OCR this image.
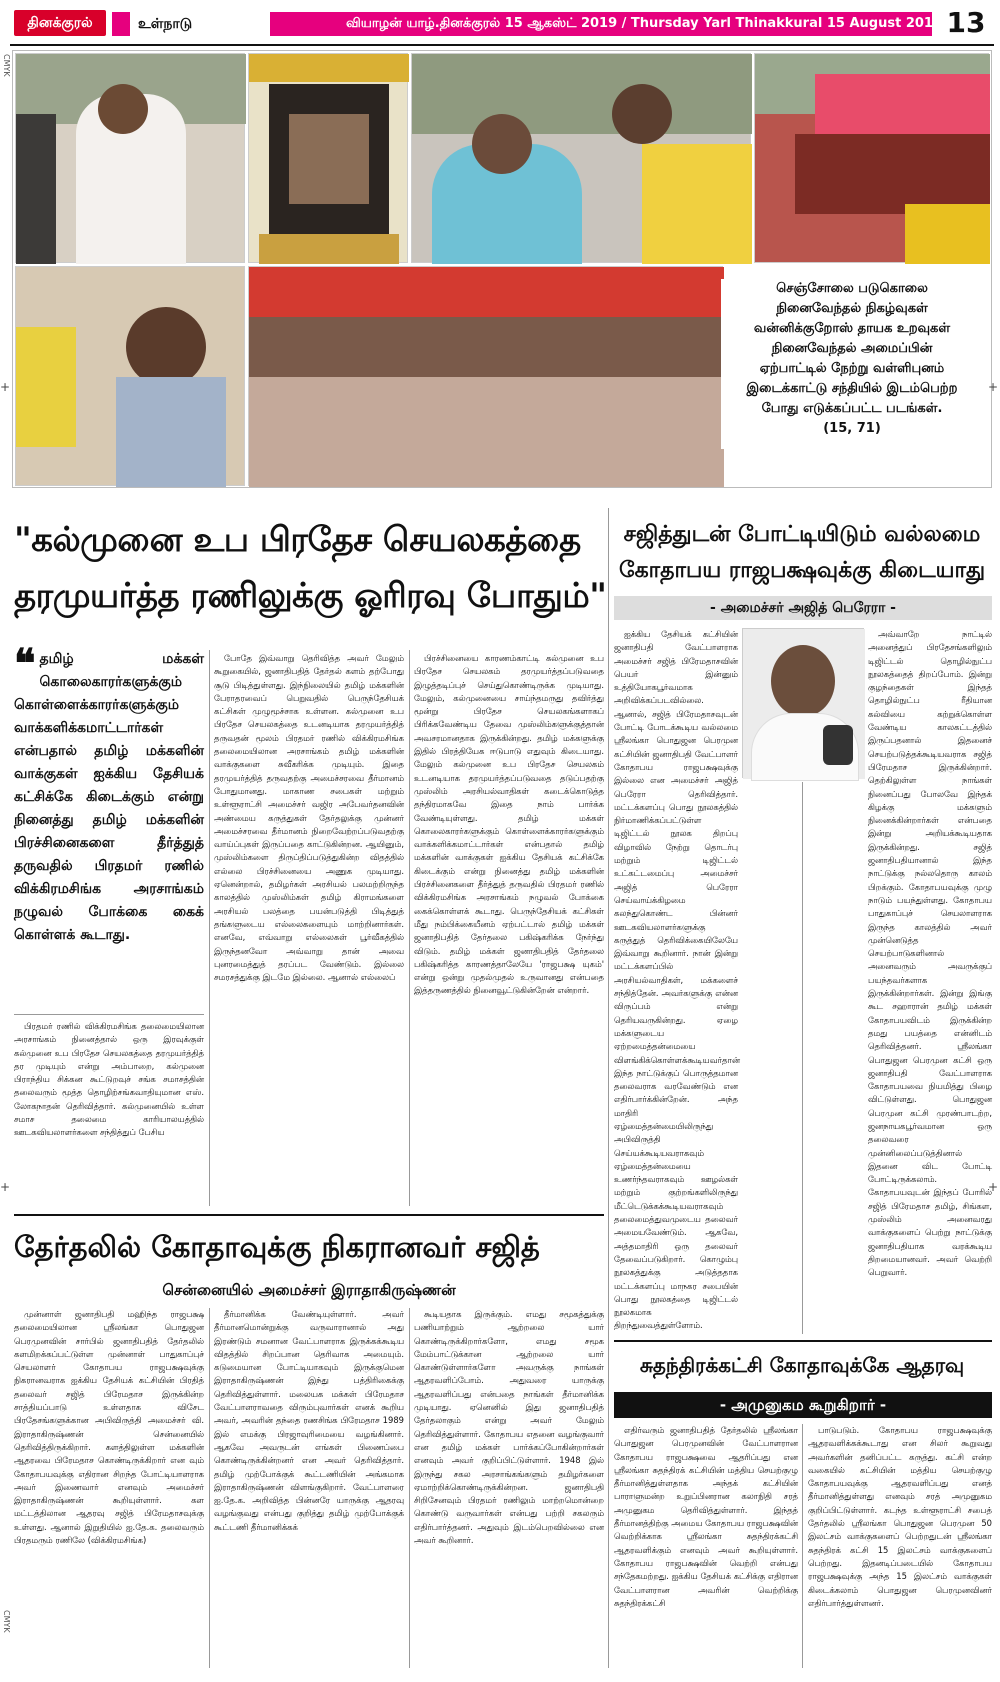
தினக்குரல்	உள்நாடு	வியாழன் யாழ்.தினக்குரல் 15 ஆகஸ்ட் 2019 / Thursday Yarl Thinakkural 15 August 2019 13
CMYK
CMYK
செஞ்சோலை படுகொலை
நினைவேந்தல் நிகழ்வுகள்
வன்னிக்குறோஸ் தாயக உறவுகள்
நினைவேந்தல் அமைப்பின்
ஏற்பாட்டில் நேற்று வள்ளிபுனம்
இடைக்காட்டு சந்தியில் இடம்பெற்ற
போது எடுக்கப்பட்ட படங்கள்.
(15, 71)
"கல்முனை உப பிரதேச செயலகத்தை
தரமுயர்த்த ரணிலுக்கு ஓரிரவு போதும்"
❝ தமிழ் மக்கள் கொலைகாரர்களுக்கும் கொள்ளைக்காரர்களுக்கும் வாக்களிக்கமாட்டார்கள் என்பதால் தமிழ் மக்களின் வாக்குகள் ஐக்கிய தேசியக் கட்சிக்கே கிடைக்கும் என்று நினைத்து தமிழ் மக்களின் பிரச்சினைகளை தீர்த்துத் தருவதில் பிரதமர் ரணில் விக்கிரமசிங்க அரசாங்கம் நழுவல் போக்கை கைக் கொள்ளக் கூடாது.

பிரதமர் ரணில் விக்கிரமசிங்க தலைமையிலான அரசாங்கம் நினைத்தால் ஒரு இரவுக்குள் கல்முனை உப பிரதேச செயலகத்தை தரமுயர்த்தித் தர முடியும் என்று அம்பாறை, கல்முனை பிராந்திய சிக்கன கூட்டுறவுச் சங்க சமாசத்தின் தலைவரும் மூத்த தொழிற்சங்கவாதியுமான எஸ். லோகநாதன் தெரிவித்தார். கல்முனையில் உள்ள சமாச தலைமை காரியாலயத்தில் ஊடகவியலாளர்களை சந்தித்துப் பேசிய

போதே இவ்வாறு தெரிவித்த அவர் மேலும் கூறுகையில், ஜனாதிபதித் தேர்தல் களம் தற்போது சூடு பிடித்துள்ளது. இந்நிலையில் தமிழ் மக்களின் பேராதரவைப் பெறுவதில் பெருந்தேசியக் கட்சிகள் முழுமூச்சாக உள்ளன. கல்முனை உப பிரதேச செயலகத்தை உடனடியாக தரமுயர்த்தித் தருவதன் மூலம் பிரதமர் ரணில் விக்கிரமசிங்க தலைமையிலான அரசாங்கம் தமிழ் மக்களின் வாக்குகளை சுவீகரிக்க முடியும். இதை தரமுயர்த்தித் தருவதற்கு அமைச்சரவை தீர்மானம் போதுமானது. மாகாண சபைகள் மற்றும் உள்ளூராட்சி அமைச்சர் வஜிர அபேவர்தனவின் அண்மைய கருத்துகள் தேர்தலுக்கு முன்னர் அமைச்சரவை தீர்மானம் நிறைவேற்றப்படுவதற்கு வாய்ப்புகள் இருப்பதை காட்டுகின்றன. ஆயினும், முஸ்லிம்களை திருப்திப்படுத்துகின்ற விதத்தில் எல்லை பிரச்சினையை அணுக முடியாது. ஏனென்றால், தமிழர்கள் அரசியல் பலமற்றிருந்த காலத்தில் முஸ்லிம்கள் தமிழ் கிராமங்களை அரசியல் பலத்தை பயன்படுத்தி பிடித்துத் தங்களுடைய எல்லைகளையும் மாற்றினார்கள். எனவே, எவ்வாறு எல்லைகள் பூர்வீகத்தில் இருந்தனவோ அவ்வாறு தான் அவை புனரமைத்துத் தரப்பட வேண்டும். இல்லை சமரசத்துக்கு இடமே இல்லை. ஆனால் எல்லைப்

பிரச்சினையை காரணம்காட்டி கல்முனை உப பிரதேச செயலகம் தரமுயர்த்தப்படுவதை இழுத்தடிப்புச் செய்துகொண்டிருக்க முடியாது. மேலும், கல்முனையை சாய்ந்தமருது தவிர்த்து மூன்று பிரதேச செயலகங்களாகப் பிரிக்கவேண்டிய தேவை முஸ்லிம்களுக்குத்தான் அவசரமானதாக இருக்கின்றது. தமிழ் மக்களுக்கு இதில் பிரத்தியேக ஈடுபாடு எதுவும் கிடையாது. மேலும் கல்முனை உப பிரதேச செயலகம் உடனடியாக தரமுயர்த்தப்படுவதை தடுப்பதற்கு முஸ்லிம் அரசியல்வாதிகள் கடைக்கொடுத்த தந்திரமாகவே இதை நாம் பார்க்க வேண்டியுள்ளது. தமிழ் மக்கள் கொலைகாரர்களுக்கும் கொள்ளைக்காரர்களுக்கும் வாக்களிக்கமாட்டார்கள் என்பதால் தமிழ் மக்களின் வாக்குகள் ஐக்கிய தேசியக் கட்சிக்கே கிடைக்கும் என்று நினைத்து தமிழ் மக்களின் பிரச்சினைகளை தீர்த்துத் தருவதில் பிரதமர் ரணில் விக்கிரமசிங்க அரசாங்கம் நழுவல் போக்கை கைக்கொள்ளக் கூடாது. பெருந்தேசியக் கட்சிகள் மீது நம்பிக்கையீனம் ஏற்பட்டால் தமிழ் மக்கள் ஜனாதிபதித் தேர்தலை பகிஷ்கரிக்க நேர்ந்து விடும். தமிழ் மக்கள் ஜனாதிபதித் தேர்தலை பகிஷ்கரித்த காரணத்தாலேயே 'ராஜபக்ஷ யுகம்' என்று ஒன்று முதல்முதல் உருவானது என்பதை இத்தருணத்தில் நினைவூட்டுகின்றேன் என்றார்.

சஜித்துடன் போட்டியிடும் வல்லமை
கோதாபய ராஜபக்ஷவுக்கு கிடையாது
- அமைச்சர் அஜித் பெரேரா -

ஐக்கிய தேசியக் கட்சியின் ஜனாதிபதி வேட்பாளராக அமைச்சர் சஜித் பிரேமதாசவின் பெயர் இன்னும் உத்தியோகபூர்வமாக அறிவிக்கப்படவில்லை. ஆனால், சஜித் பிரேமதாசவுடன் போட்டி போடக்கூடிய வல்லமை ஸ்ரீலங்கா பொதுஜன பெரமுன கட்சியின் ஜனாதிபதி வேட்பாளர் கோதாபய ராஜபக்ஷவுக்கு இல்லை என அமைச்சர் அஜித் பெரேரா தெரிவித்தார். மட்டக்களப்பு பொது நூலகத்தில் நிர்மாணிக்கப்பட்டுள்ள டிஜிட்டல் நூலக திறப்பு விழாவில் நேற்று தொடர்பு மற்றும் டிஜிட்டல் உட்கட்டமைப்பு அமைச்சர் அஜித் பெரேரா செய்வாய்க்கிழமை கலந்துகொண்ட பின்னர் ஊடகவியலாளர்களுக்கு கருத்துத் தெரிவிக்கையிலேயே இவ்வாறு கூறினார். நான் இன்று மட்டக்களப்பில் அரசியல்வாதிகள், மக்களைச் சந்தித்தேன். அவர்களுக்கு என்ன விருப்பம் என்று தெரியவருகின்றது. ஏழை மக்களுடைய ஏற்றமைத்தன்மையை விளங்கிக்கொள்ளக்கூடியவர்தான் இந்த நாட்டுக்குப் பொருத்தமான தலைவராக வரவேண்டும் என எதிர்பார்க்கின்றேன். அந்த மாதிரி ஏழ்மைத்தன்மையிலிருந்து அபிவிருத்தி செய்யக்கூடியவராகவும் ஏழ்மைத்தன்மையை உணர்ந்தவராகவும் ஊழல்கள் மற்றும் குற்றங்களிலிருந்து மீட்டெடுக்கக்கூடியவராகவும் தலைமைத்துவமுடைய தலைவர் அமையவேண்டும். ஆகவே, அத்தமாதிரி ஒரு தலைவர் தேவைப்படுகிறார். கொழும்பு நூலகத்துக்கு அடுத்ததாக மட்டக்களப்பு மாநகர சபையின் பொது நூலகத்தை டிஜிட்டல் நூலகமாக திறந்துவைத்துள்ளோம்.

அவ்வாறே நாட்டில் அனைத்துப் பிரதேசங்களிலும் டிஜிட்டல் தொழில்நுட்ப நூலகத்தைத் திறப்போம். இன்று குழந்தைகள் இந்தத் தொழில்நுட்ப ரீதியான கல்வியை கற்றுக்கொள்ள வேண்டிய காலகட்டத்தில் இருப்பதனால் இதனைச் செயற்படுத்தக்கூடியவராக சஜித் பிரேமதாச இருக்கின்றார். தெற்கிலுள்ள நாங்கள் நினைப்பது போலவே இந்தக் கிழக்கு மக்களும் நினைக்கின்றார்கள் என்பதை இன்று அறியக்கூடியதாக இருக்கின்றது. சஜித் ஜனாதிபதியானால் இந்த நாட்டுக்கு நல்லதொரு காலம் பிறக்கும். கோதாபயவுக்கு முழு நாடும் பயந்துள்ளது. கோதாபய பாதுகாப்புச் செயலாளராக இருந்த காலத்தில் அவர் முன்னெடுத்த செயற்பாடுகளினால் அனைவரும் அவருக்குப் பயந்தவர்களாக இருக்கின்றார்கள். இன்று இங்கு கூட சஹாரான் தமிழ் மக்கள் கோதாபயவிடம் இருக்கின்ற தமது பயத்தை என்னிடம் தெரிவித்தனர். ஸ்ரீலங்கா பொதுஜன பெரமுன கட்சி ஒரு ஜனாதிபதி வேட்பாளராக கோதாபயவை நியமித்து பிழை விட்டுள்ளது. பொதுஜன பெரமுன கட்சி முரண்பாடற்ற, ஜனநாயகபூர்வமான ஒரு தலைவரை முன்னிலைப்படுத்தினால் இதனை விட போட்டி போட்டிருக்கலாம். கோதாபயவுடன் இந்தப் போரில் சஜித் பிரேமதாச தமிழ், சிங்கள, முஸ்லிம் அனைவரது வாக்குகளைப் பெற்று நாட்டுக்கு ஜனாதிபதியாக வரக்கூடிய திறமையானவர். அவர் வெற்றி பெறுவார்.

தேர்தலில் கோதாவுக்கு நிகரானவர் சஜித்
சென்னையில் அமைச்சர் இராதாகிருஷ்ணன்

முன்னாள் ஜனாதிபதி மஹிந்த ராஜபக்ஷ தலைமையிலான ஸ்ரீலங்கா பொதுஜன பெரமுனவின் சார்பில் ஜனாதிபதித் தேர்தலில் களமிறக்கப்பட்டுள்ள முன்னாள் பாதுகாப்புச் செயலாளர் கோதாபய ராஜபக்ஷவுக்கு நிகரானவராக ஐக்கிய தேசியக் கட்சியின் பிரதித் தலைவர் சஜித் பிரேமதாச இருக்கின்ற சாத்தியப்பாடு உள்ளதாக விசேட பிரதேசங்களுக்கான அபிவிருத்தி அமைச்சர் வி. இராதாகிருஷ்ணன் சென்னையில் தெரிவித்திருக்கிறார். களத்திலுள்ள மக்களின் ஆதரவை பிரேமதாச கொண்டிருக்கிறார் என வும் கோதாபயவுக்கு எதிரான சிறந்த போட்டியாளராக அவர் இணைவார் எனவும் அமைச்சர் இராதாகிருஷ்ணன் கூறியுள்ளார். கள மட்டத்திலான ஆதரவு சஜித் பிரேமதாசவுக்கு உள்ளது. ஆனால் இறுதியில் ஐ.தே.க. தலைவரும் பிரதமரும் ரணிலே (விக்கிரமசிங்க)

தீர்மானிக்க வேண்டியுள்ளார். அவர் தீர்மானமொன்றுக்கு வருவாரானால் அது இரண்டும் சமனான வேட்பாளராக இருக்கக்கூடிய விதத்தில் சிறப்பான தெரிவாக அமையும். கடுமையான போட்டியாகவும் இருக்குமென இராதாகிருஷ்ணன் இந்து பத்திரிகைக்கு தெரிவித்துள்ளார். மலையக மக்கள் பிரேமதாச வேட்பாளராவதை விரும்புவார்கள் எனக் கூறிய அவர், அவரின் தந்தை ரணசிங்க பிரேமதாச 1989 இல் எமக்கு பிரஜாவுரிமையை வழங்கினார். ஆகவே அவருடன் எங்கள் பிணைப்பை கொண்டிருக்கின்றனர் என அவர் தெரிவித்தார். தமிழ் முற்போக்குக் கூட்டணியின் அங்கமாக இராதாகிருஷ்ணன் விளங்குகிறார். வேட்பாளரை ஐ.தே.க. அறிவித்த பின்னரே யாருக்கு ஆதரவு வழங்குவது என்பது குறித்து தமிழ் முற்போக்குக் கூட்டணி தீர்மானிக்கக்

கூடியதாக இருக்கும். எமது சமூகத்துக்கு பணியாற்றும் ஆற்றலை யார் கொண்டிருக்கிறார்களோ, எமது சமூக மேம்பாட்டுக்கான ஆற்றலை யார் கொண்டுள்ளார்களோ அவருக்கு நாங்கள் ஆதரவளிப்போம். அதுவரை யாருக்கு ஆதரவளிப்பது என்பதை நாங்கள் தீர்மானிக்க முடியாது. ஏனெனில் இது ஜனாதிபதித் தேர்தலாகும் என்று அவர் மேலும் தெரிவித்துள்ளார். கோதாபய எதனை வழங்குவார் என தமிழ் மக்கள் பார்க்கப்போகின்றார்கள் எனவும் அவர் குறிப்பிட்டுள்ளார். 1948 இல் இருந்து சகல அரசாங்கங்களும் தமிழர்களை ஏமாற்றிக்கொண்டிருக்கின்றன. ஜனாதிபதி சிறிசேனவும் பிரதமர் ரணிலும் மாற்றமொன்றை கொண்டு வருவார்கள் என்பது பற்றி சகலரும் எதிர்பார்த்தனர். அதுவும் இடம்பெறவில்லை என அவர் கூறினார்.

சுதந்திரக்கட்சி கோதாவுக்கே ஆதரவு
- அமுனுகம கூறுகிறார் -

எதிர்வரும் ஜனாதிபதித் தேர்தலில் ஸ்ரீலங்கா பொதுஜன பெரமுனவின் வேட்பாளரான கோதாபய ராஜபக்ஷவை ஆதரிப்பது என ஸ்ரீலங்கா சுதந்திரக் கட்சியின் மத்திய செயற்குழு தீர்மானித்துள்ளதாக அந்தக் கட்சியின் பாராளுமன்ற உறுப்பினரான கலாநிதி சரத் அமுனுகம தெரிவித்துள்ளார். இந்தத் தீர்மானத்திற்கு அமைய கோதாபய ராஜபக்ஷவின் வெற்றிக்காக ஸ்ரீலங்கா சுதந்திரக்கட்சி ஆதரவளிக்கும் எனவும் அவர் கூறியுள்ளார். கோதாபய ராஜபக்ஷவின் வெற்றி என்பது சந்தேகமற்றது. ஐக்கிய தேசியக் கட்சிக்கு எதிரான வேட்பாளரான அவரின் வெற்றிக்கு சுதந்திரக்கட்சி

பாடுபடும். கோதாபய ராஜபக்ஷவுக்கு ஆதரவளிக்கக்கூடாது என சிலர் கூறுவது அவர்களின் தனிப்பட்ட கருத்து. கட்சி என்ற வகையில் கட்சியின் மத்திய செயற்குழு கோதாபயவுக்கு ஆதரவளிப்பது எனத் தீர்மானித்துள்ளது எனவும் சரத் அமுனுகம குறிப்பிட்டுள்ளார். கடந்த உள்ளூராட்சி சபைத் தேர்தலில் ஸ்ரீலங்கா பொதுஜன பெரமுன 50 இலட்சம் வாக்குகளைப் பெற்றதுடன் ஸ்ரீலங்கா சுதந்திரக் கட்சி 15 இலட்சம் வாக்குகளைப் பெற்றது. இதனடிப்படையில் கோதாபய ராஜபக்ஷவுக்கு அந்த 15 இலட்சம் வாக்குகள் கிடைக்கலாம் பொதுஜன பெரமுனவினர் எதிர்பார்த்துள்ளனர்.

+	+
+	+
